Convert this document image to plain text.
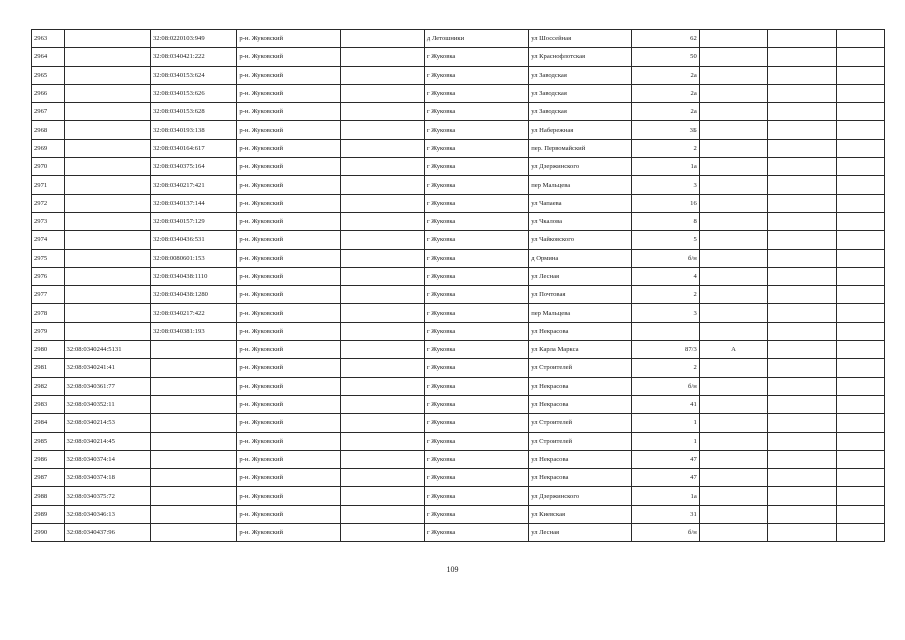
2963		32:08:0220103:949	р-н. Жуковский		д Летошники	ул Шоссейная	62			
2964		32:08:0340421:222	р-н. Жуковский		г Жуковка	ул Краснофлотская	50			
2965		32:08:0340153:624	р-н. Жуковский		г Жуковка	ул Заводская	2а			
2966		32:08:0340153:626	р-н. Жуковский		г Жуковка	ул Заводская	2а			
2967		32:08:0340153:628	р-н. Жуковский		г Жуковка	ул Заводская	2а			
2968		32:08:0340193:138	р-н. Жуковский		г Жуковка	ул Набережная	3Б			
2969		32:08:0340164:617	р-н. Жуковский		г Жуковка	пер. Первомайский	2			
2970		32:08:0340375:164	р-н. Жуковский		г Жуковка	ул Дзержинского	1а			
2971		32:08:0340217:421	р-н. Жуковский		г Жуковка	пер Мальцева	3			
2972		32:08:0340137:144	р-н. Жуковский		г Жуковка	ул Чапаева	16			
2973		32:08:0340157:129	р-н. Жуковский		г Жуковка	ул Чкалова	8			
2974		32:08:0340436:531	р-н. Жуковский		г Жуковка	ул Чайковского	5			
2975		32:08:0080601:153	р-н. Жуковский		г Жуковка	д Ормина	б/н			
2976		32:08:0340438:1110	р-н. Жуковский		г Жуковка	ул Лесная	4			
2977		32:08:0340438:1280	р-н. Жуковский		г Жуковка	ул Почтовая	2			
2978		32:08:0340217:422	р-н. Жуковский		г Жуковка	пер Мальцева	3			
2979		32:08:0340381:193	р-н. Жуковский		г Жуковка	ул Некрасова				
2980	32:08:0340244:5131		р-н. Жуковский		г Жуковка	ул Карла Маркса	87/3	А		
2981	32:08:0340241:41		р-н. Жуковский		г Жуковка	ул Строителей	2			
2982	32:08:0340361:77		р-н. Жуковский		г Жуковка	ул Некрасова	б/н			
2983	32:08:0340352:11		р-н. Жуковский		г Жуковка	ул Некрасова	41			
2984	32:08:0340214:53		р-н. Жуковский		г Жуковка	ул Строителей	1			
2985	32:08:0340214:45		р-н. Жуковский		г Жуковка	ул Строителей	1			
2986	32:08:0340374:14		р-н. Жуковский		г Жуковка	ул Некрасова	47			
2987	32:08:0340374:18		р-н. Жуковский		г Жуковка	ул Некрасова	47			
2988	32:08:0340375:72		р-н. Жуковский		г Жуковка	ул Дзержинского	1а			
2989	32:08:0340346:13		р-н. Жуковский		г Жуковка	ул Киевская	31			
2990	32:08:0340437:96		р-н. Жуковский		г Жуковка	ул Лесная	б/н			
109
